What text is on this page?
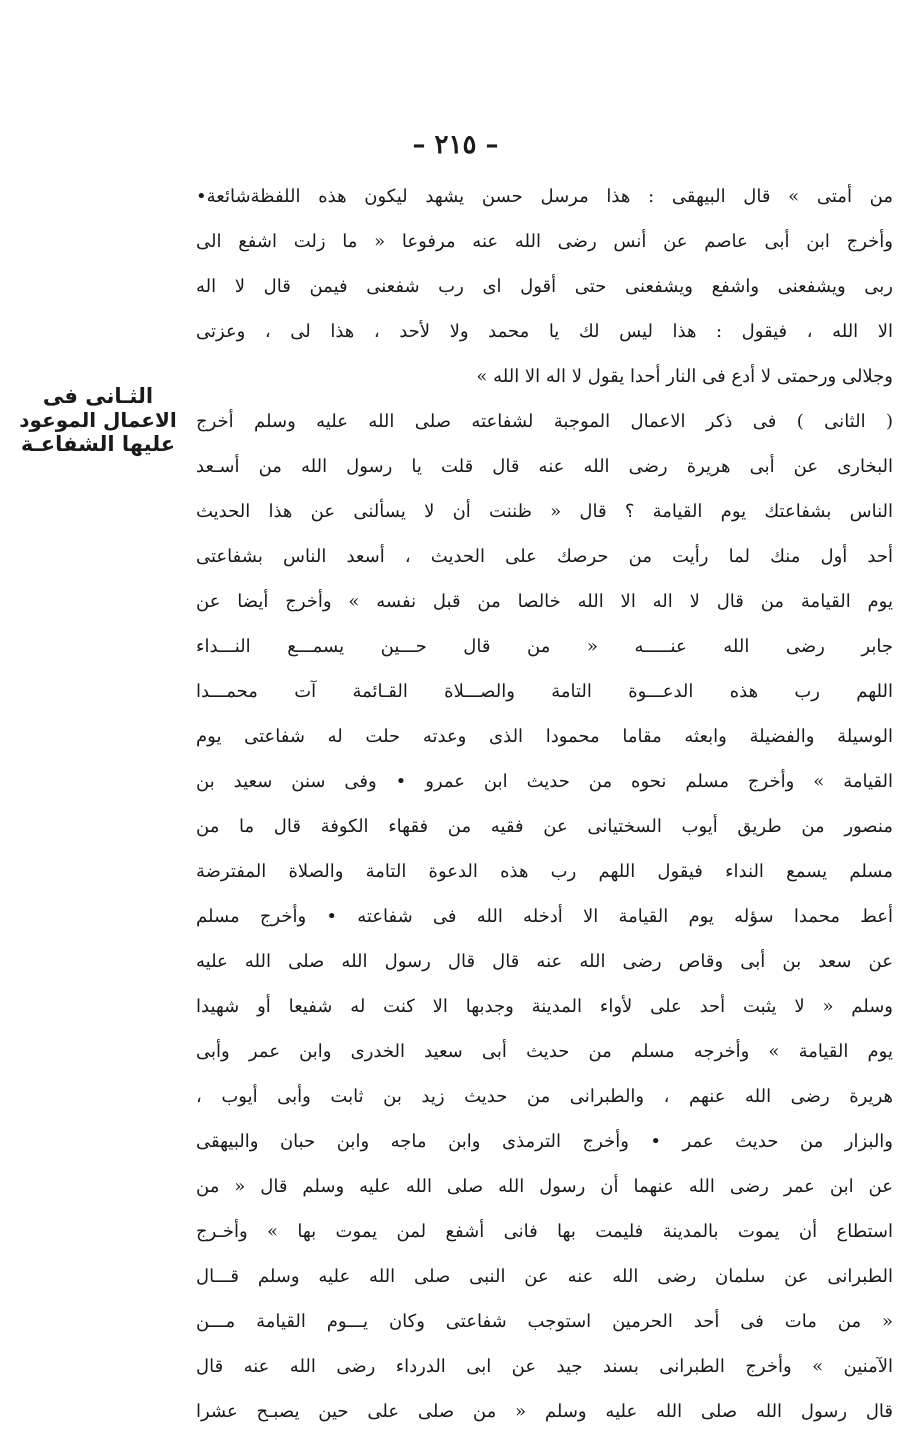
– ٢١٥ –
الثـانى فى
الاعمال الموعود
عليها الشفاعـة
من أمتى » قال البيهقى : هذا مرسل حسن يشهد ليكون هذه اللفظةشائعة•
وأخرج ابن أبى عاصم عن أنس رضى الله عنه مرفوعا « ما زلت اشفع الى
ربى ويشفعنى واشفع ويشفعنى حتى أقول اى رب شفعنى فيمن قال لا اله
الا الله ، فيقول : هذا ليس لك يا محمد ولا لأحد ، هذا لى ، وعزتى
وجلالى ورحمتى لا أدع فى النار أحدا يقول لا اله الا الله »
( الثانى ) فى ذكر الاعمال الموجبة لشفاعته صلى الله عليه وسلم أخرج
البخارى عن أبى هريرة رضى الله عنه قال قلت يا رسول الله من أسـعد
الناس بشفاعتك يوم القيامة ؟ قال « ظننت أن لا يسألنى عن هذا الحديث
أحد أول منك لما رأيت من حرصك على الحديث ، أسعد الناس بشفاعتى
يوم القيامة من قال لا اله الا الله خالصا من قبل نفسه » وأخرج أيضا عن
جابر رضى الله عنـــــه « من قال حـــين يسمـــع النـــداء
اللهم رب هذه الدعـــوة التامة والصـــلاة القـائمة آت محمـــدا
الوسيلة والفضيلة وابعثه مقاما محمودا الذى وعدته حلت له شفاعتى يوم
القيامة » وأخرج مسلم نحوه من حديث ابن عمرو • وفى سنن سعيد بن
منصور من طريق أيوب السختيانى عن فقيه من فقهاء الكوفة قال ما من
مسلم يسمع النداء فيقول اللهم رب هذه الدعوة التامة والصلاة المفترضة
أعط محمدا سؤله يوم القيامة الا أدخله الله فى شفاعته • وأخرج مسلم
عن سعد بن أبى وقاص رضى الله عنه قال قال رسول الله صلى الله عليه
وسلم « لا يثبت أحد على لأواء المدينة وجدبها الا كنت له شفيعا أو شهيدا
يوم القيامة » وأخرجه مسلم من حديث أبى سعيد الخدرى وابن عمر وأبى
هريرة رضى الله عنهم ، والطبرانى من حديث زيد بن ثابت وأبى أيوب ،
والبزار من حديث عمر • وأخرج الترمذى وابن ماجه وابن حبان والبيهقى
عن ابن عمر رضى الله عنهما أن رسول الله صلى الله عليه وسلم قال « من
استطاع أن يموت بالمدينة فليمت بها فانى أشفع لمن يموت بها » وأخـرج
الطبرانى عن سلمان رضى الله عنه عن النبى صلى الله عليه وسلم قـــال
« من مات فى أحد الحرمين استوجب شفاعتى وكان يـــوم القيامة مـــن
الآمنين » وأخرج الطبرانى بسند جيد عن ابى الدرداء رضى الله عنه قال
قال رسول الله صلى الله عليه وسلم « من صلى على حين يصبـح عشرا
